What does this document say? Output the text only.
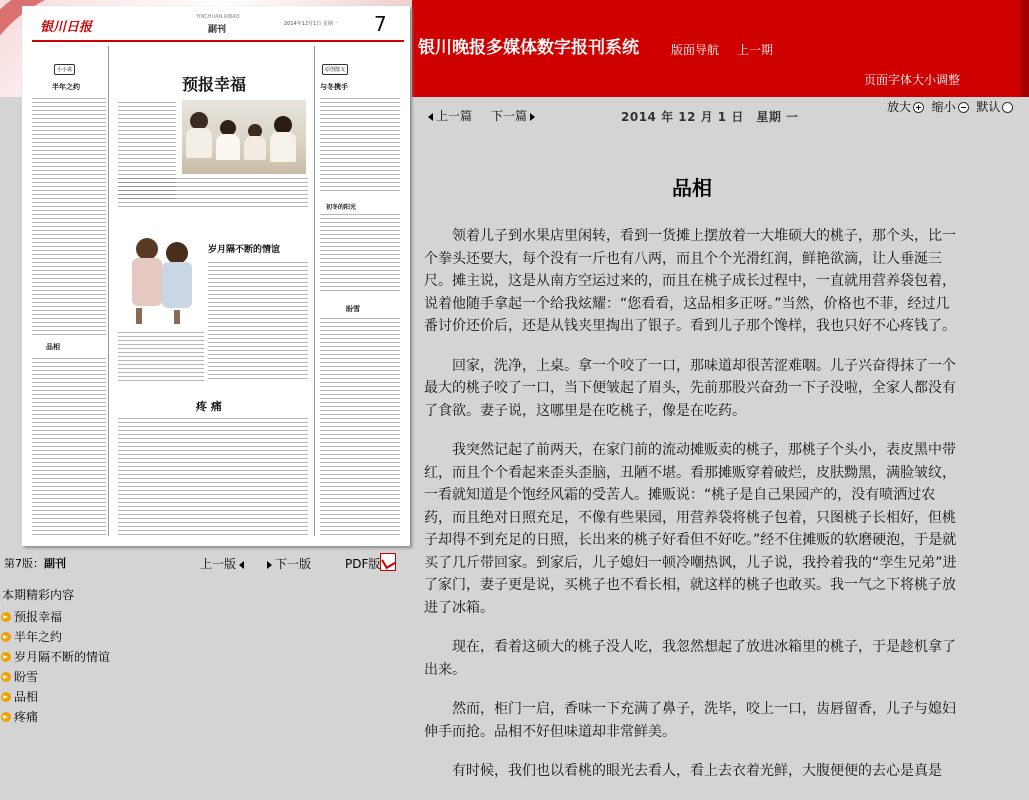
银川晚报多媒体数字报刊系统	版面导航 上一期
页面字体大小调整
银川日报
YINCHUAN RIBAO
副刊
2014年12月1日 星期一 7
小小说
半年之约
品相
预报幸福
岁月隔不断的情谊
疼 痛
原创散文
与冬携手
初冬的阳光
盼雪
第7版：副刊	上一版	下一版	PDF版
本期精彩内容
预报幸福
半年之约
岁月隔不断的情谊
盼雪
品相
疼痛
放大 缩小 默认
上一篇 下一篇	2014 年 12 月 1 日　星期 一
品相

领着儿子到水果店里闲转，看到一货摊上摆放着一大堆硕大的桃子，那个头，比一个拳头还要大，每个没有一斤也有八两，而且个个光滑红润，鲜艳欲滴，让人垂涎三尺。摊主说，这是从南方空运过来的，而且在桃子成长过程中，一直就用营养袋包着，说着他随手拿起一个给我炫耀：“您看看，这品相多正呀。”当然，价格也不菲，经过几番讨价还价后，还是从钱夹里掏出了银子。看到儿子那个馋样，我也只好不心疼钱了。

回家，洗净，上桌。拿一个咬了一口，那味道却很苦涩难咽。儿子兴奋得抹了一个最大的桃子咬了一口，当下便皱起了眉头，先前那股兴奋劲一下子没啦，全家人都没有了食欲。妻子说，这哪里是在吃桃子，像是在吃药。

我突然记起了前两天，在家门前的流动摊贩卖的桃子，那桃子个头小，表皮黑中带红，而且个个看起来歪头歪脑，丑陋不堪。看那摊贩穿着破烂，皮肤黝黑，满脸皱纹，一看就知道是个饱经风霜的受苦人。摊贩说：“桃子是自己果园产的，没有喷洒过农药，而且绝对日照充足，不像有些果园，用营养袋将桃子包着，只图桃子长相好，但桃子却得不到充足的日照，长出来的桃子好看但不好吃。”经不住摊贩的软磨硬泡，于是就买了几斤带回家。到家后，儿子媳妇一顿冷嘲热讽，儿子说，我拎着我的“孪生兄弟”进了家门，妻子更是说，买桃子也不看长相，就这样的桃子也敢买。我一气之下将桃子放进了冰箱。

现在，看着这硕大的桃子没人吃，我忽然想起了放进冰箱里的桃子，于是趁机拿了出来。

然而，柜门一启，香味一下充满了鼻子，洗毕，咬上一口，齿唇留香，儿子与媳妇伸手而抢。品相不好但味道却非常鲜美。

有时候，我们也以看桃的眼光去看人，看上去衣着光鲜，大腹便便的去心是真是
